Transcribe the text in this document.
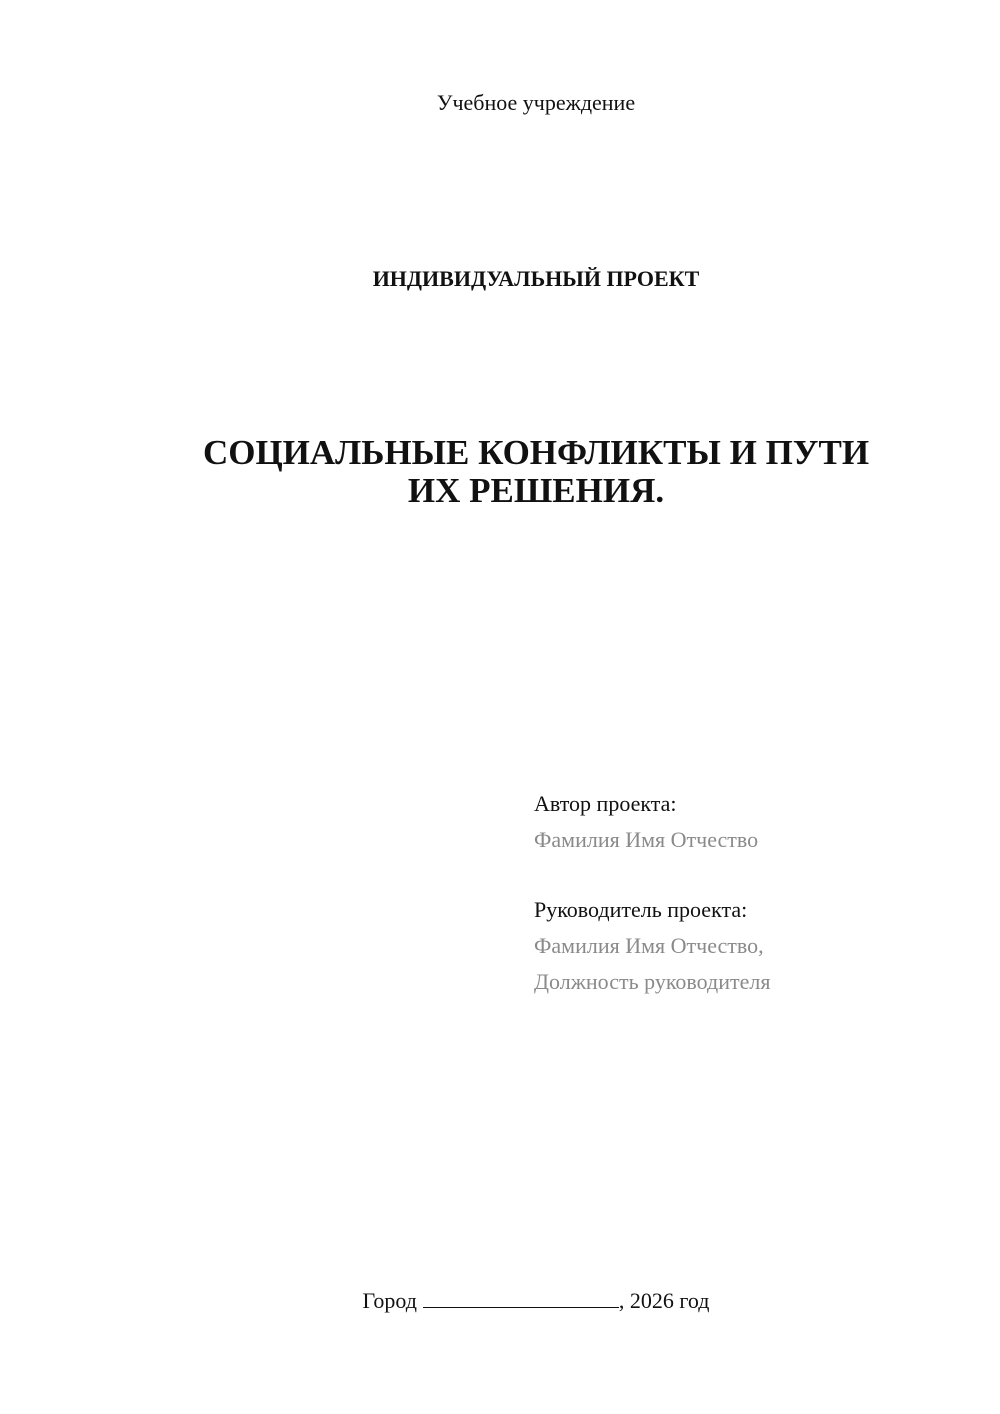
Учебное учреждение
ИНДИВИДУАЛЬНЫЙ ПРОЕКТ
СОЦИАЛЬНЫЕ КОНФЛИКТЫ И ПУТИ
ИХ РЕШЕНИЯ.
Автор проекта:
Фамилия Имя Отчество
Руководитель проекта:
Фамилия Имя Отчество,
Должность руководителя
Город	, 2026 год
